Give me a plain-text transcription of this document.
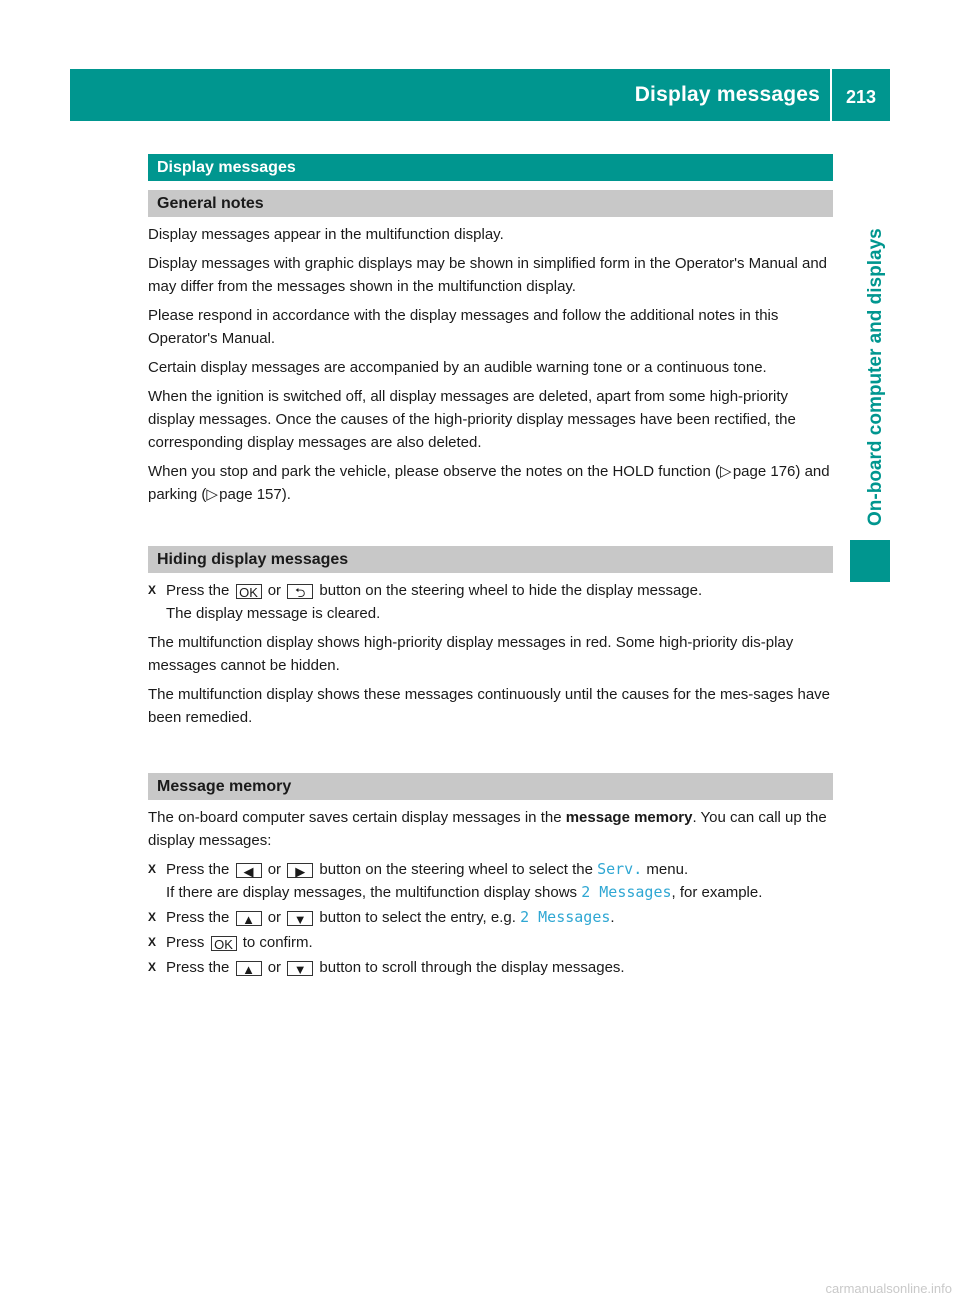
Display messages	213
On-board computer and displays
Display messages
General notes

Display messages appear in the multifunction display.

Display messages with graphic displays may be shown in simplified form in the Operator's Manual and may differ from the messages shown in the multifunction display.

Please respond in accordance with the display messages and follow the additional notes in this Operator's Manual.

Certain display messages are accompanied by an audible warning tone or a continuous tone.

When the ignition is switched off, all display messages are deleted, apart from some high-priority display messages. Once the causes of the high-priority display messages have been rectified, the corresponding display messages are also deleted.

When you stop and park the vehicle, please observe the notes on the HOLD function (▷ page 176) and parking (▷ page 157).

Hiding display messages
X Press the OK or ⮌ button on the steering wheel to hide the display message.
The display message is cleared.

The multifunction display shows high-priority display messages in red. Some high-priority dis-play messages cannot be hidden.

The multifunction display shows these messages continuously until the causes for the mes-sages have been remedied.

Message memory

The on-board computer saves certain display messages in the message memory. You can call up the display messages:

X Press the ◀ or ▶ button on the steering wheel to select the Serv. menu.
If there are display messages, the multifunction display shows 2 Messages, for example.
X Press the ▲ or ▼ button to select the entry, e.g. 2 Messages.
X Press OK to confirm.
X Press the ▲ or ▼ button to scroll through the display messages.
carmanualsonline.info
